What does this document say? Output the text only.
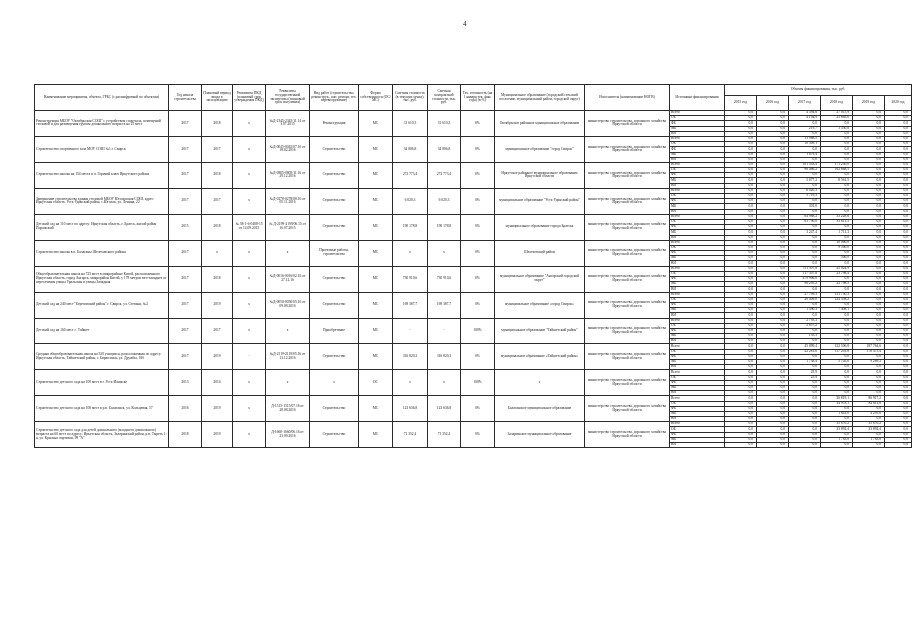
4
Наименование мероприятия, объекта, ГРБС (с расшифровкой по объектам)	Год начала строительства	Плановый период ввода в эксплуатацию	Реквизиты ПКД (плановый срок утверждения ПКД)	Реквизиты государственной экспертизы (плановый срок получения)	Вид работ (строительство, реконструк., кап. ремонт, тех. перевооружение)	Форма собственности (ОС/МС)	Сметная стоимость (в текущих ценах), тыс. руб.	Сметная контрактной стоимости, тыс. руб.	Тех. готовность (на 1 января тек. фин. года) (в %)	Муниципальное образование (городской/сельский поселение, муниципальный район, городской округ)	Исполнитель (наименование НОГВ)	Источники финансирования	Объемы финансирования, тыс. руб.					
													2015 год	2016 год	2017 год	2018 год	2019 год	2020 год
Реконструкция МБОУ "Октябрьская СОШ" с устройством спортзала, помещений столовой и для размещения группы дошкольного возраста на 25 мест	2017	2018	х	№Д-2345-2345/11.14 от 3.07.2015	Реконструкция	МС	31 610,5	31 610,5	0%	Октябрьское районное муниципальное образование	министерство строительства, дорожного хозяйства Иркутской области	Всего	0,0	0,0	4 394,6	27 015,9	0,0	0,0
												ОБ	0,0	0,0	4 104,9	25 665,0	0,0	0,0
												ФБ	0,0	0,0	0,0	0,0	0,0	0,0
												МБ	0,0	0,0	219,7	1 350,8	0,0	0,0
												ВИ	0,0	0,0	0,0	0,0	0,0	0,0
Строительство спортивного зала МОУ СОШ №1 г. Свирск	2017	2017	х	№Д-0045-0045/07.16 от 18.02.2016	Строительство	МС	34 806,8	34 806,8	0%	муниципальное образование "город Свирск"	министерство строительства, дорожного хозяйства Иркутской области	Всего	0,0	0,0	11 988,5	0,0	0,0	0,0
												ОБ	0,0	0,0	10 309,1	0,0	0,0	0,0
												ФБ	0,0	0,0	0,0	0,0	0,0	0,0
												МБ	0,0	0,0	1 679,4	0,0	0,0	0,0
												ВИ	0,0	0,0	0,0	0,0	0,0	0,0
Строительство школы на 154 места в п. Горячий ключ Иркутского района	2017	2018	х	№Д-0805-0805/11.16 от 29.12.2016	Строительство	МС	272 773,4	272 773,4	0%	Иркутское районное муниципальное образование Иркутской области	министерство строительства, дорожного хозяйства Иркутской области	Всего	0,0	0,0	101 543,4	171 230,0	0,0	0,0
												ОБ	0,0	0,0	96 466,2	162 668,5	0,0	0,0
												ФБ	0,0	0,0	0,0	0,0	0,0	0,0
												МБ	0,0	0,0	5 077,2	8 561,5	0,0	0,0
												ВИ	0,0	0,0	0,0	0,0	0,0	0,0
Завершение строительства здания столовой МБОУ Юголокская СОШ, адрес: Иркутская область, Усть-Удинский район, с.Юголок, ул. Ленина, 22	2017	2017	х	№Д-0278-0278/08.16 от 05.11.2016	Строительство	МС	6 020,3	6 020,3	0%	муниципальное образование "Усть-Удинский район"	министерство строительства, дорожного хозяйства Иркутской области	Всего	0,0	0,0	6 020,3	0,0	0,0	0,0
												ОБ	0,0	0,0	5 719,3	0,0	0,0	0,0
												ФБ	0,0	0,0	0,0	0,0	0,0	0,0
												МБ	0,0	0,0	301,0	0,0	0,0	0,0
												ВИ	0,0	0,0	0,0	0,0	0,0	0,0
Детский сад на 110 мест по адресу: Иркутская область, г. Братск, жилой район Порожский	2015	2018	№ 38-1-6-0408-15 от 14.09.2015	№ Д-2199-2199/06.15 от 16.07.2015	Строительство	МС	190 178,8	190 178,8	0%	муниципальное образование города Братска	министерство строительства, дорожного хозяйства Иркутской области	Всего	0,0	0,0	64 988,2	33 228,6	0,0	0,0
												ОБ	0,0	0,0	61 790,8	31 611,3	0,0	0,0
												ФБ	0,0	0,0	0,0	0,0	0,0	0,0
												МБ	0,0	0,0	3 247,4	1 711,3	0,0	0,0
												ВИ	0,0	0,0	0,0	0,0	0,0	0,0
Строительство школы в п. Балаганы Шелеховского района	2017	х	х	х	Проектные работы, строительство	МС	х	х	0%	Шелеховский район	министерство строительства, дорожного хозяйства Иркутской области	Всего	0,0	0,0	0,0	10 000,0	0,0	0,0
												ОБ	0,0	0,0	0,0	9 500,0	0,0	0,0
												ФБ	0,0	0,0	0,0	0,0	0,0	0,0
												МБ	0,0	0,0	0,0	500,0	0,0	0,0
												ВИ	0,0	0,0	0,0	0,0	0,0	0,0
Общеобразовательная школа на 725 мест в микрорайоне Китой, расположенного Иркутская область, город Ангарск, микрорайон Китой, у 178 метров юго-западнее от пересечения улицы Уральская и улицы Западная	2017	2018	х	№Д-0016-0016/02.16 от 27.12.16	Строительство	МС	730 910,6	730 910,6	0%	муниципальное образование "Ангарский городской округ"	министерство строительства, дорожного хозяйства Иркутской области	Всего	0,0	0,0	751 307,8	45 924,9	0,0	0,0
												ОБ	0,0	0,0	117 307,8	23 798,4	0,0	0,0
												ФБ	0,0	0,0	479 906,6	0,0	0,0	0,0
												МБ	0,0	0,0	96 295,2	22 798,5	0,0	0,0
												ВИ	0,0	0,0	0,0	0,0	0,0	0,0
Детский сад на 240 мест "Березовский район" г. Свирск, ул. Степана, №2	2017	2019	х	№Д-0050-0050/05.16 от 09.08.2016	Строительство	МС	169 387,7	169 387,7	0%	муниципальное образование «город Свирск»	министерство строительства, дорожного хозяйства Иркутской области	Всего	0,0	0,0	27 799,3	131 750,3	0,0	0,0
												ОБ	0,0	0,0	26 409,0	124 358,2	0,0	0,0
												ФБ	0,0	0,0	0,0	0,0	0,0	0,0
												МБ	0,0	0,0	1 390,3	7 408,1	0,0	0,0
												ВИ	0,0	0,0	0,0	0,0	0,0	0,0
Детский сад на 160 мест с. Тайшет	2017	2017	х	х	Приобретение	МС	-	-	100%	муниципальное образование "Тайшетский район"	министерство строительства, дорожного хозяйства Иркутской области	Всего	0,0	0,0	2 793,3	0,0	0,0	0,0
												ОБ	0,0	0,0	2 657,2	0,0	0,0	0,0
												ФБ	0,0	0,0	0,0	0,0	0,0	0,0
												МБ	0,0	0,0	135,3	0,0	0,0	0,0
												ВИ	0,0	0,0	0,0	0,0	0,0	0,0
Средняя общеобразовательная школа на 520 учащихся, расположенная по адресу: Иркутская область, Тайшетский район, г. Бирюсинск, ул. Дружбы, 18б	2017	2019	-	№Д-2119-2119/05.16 от 13.12.2016	Строительство	МС	316 820,3	316 820,3	0%	муниципальное образование «Тайшетский район»	министерство строительства, дорожного хозяйства Иркутской области	Всего	0,0	0,0	45 899,4	122 506,8	187 764,6	0,0
												ОБ	0,0	0,0	42 281,0	117 201,8	178 475,4	0,0
												ФБ	0,0	0,0	0,0	0,0	0,0	0,0
												МБ	0,0	0,0	1 738,4	5 705,0	9 289,2	0,0
												ВИ	0,0	0,0	0,0	0,0	0,0	0,0
Строительство детского сада на 100 мест в г. Усть-Илимске	2013	2014	х	х	х	ОС	х	х	100%	х	министерство строительства, дорожного хозяйства Иркутской области	Всего	0,0	0,0	25,9	0,0	0,0	0,0
												ОБ	0,0	0,0	25,9	0,0	0,0	0,0
												ФБ	0,0	0,0	0,0	0,0	0,0	0,0
												МБ	0,0	0,0	0,0	0,0	0,0	0,0
												ВИ	0,0	0,0	0,0	0,0	0,0	0,0
Строительство детского сада на 100 мест в р.п. Балаганск, ул. Кольцевая, 57	2016	2019	х	Д-1515-1515/07.16 от 28.08.2016	Строительство	МС	123 636,8	123 636,8	0%	Балаганское муниципальное образование	министерство строительства, дорожного хозяйства Иркутской области	Всего	0,0	0,0	0,0	36 819,1	86 917,2	0,0
												ОБ	0,0	0,0	0,0	34 978,1	82 611,6	0,0
												ФБ	0,0	0,0	0,0	0,0	0,0	0,0
												МБ	0,0	0,0	0,0	1 841,0	4 295,6	0,0
												ВИ	0,0	0,0	0,0	0,0	0,0	0,0
Строительство детского сада для детей дошкольного (младшего дошкольного) возраста на 60 мест по адресу: Иркутская область, Заларинский район, р.п. Тыреть 1-я, ул. Красных партизан, 99 "А"	2018	2019	х	Д-1660-1660/06.16 от 23.09.2016	Строительство	МС	71 352,4	71 352,4	0%	Заларинское муниципальное образование	министерство строительства, дорожного хозяйства Иркутской области	Всего	0,0	0,0	0,0	35 676,2	35 676,2	0,0
												ОБ	0,0	0,0	0,0	33 892,4	33 892,4	0,0
												ФБ	0,0	0,0	0,0	0,0	0,0	0,0
												МБ	0,0	0,0	0,0	1 783,8	1 783,8	0,0
												ВИ	0,0	0,0	0,0	0,0	0,0	0,0
